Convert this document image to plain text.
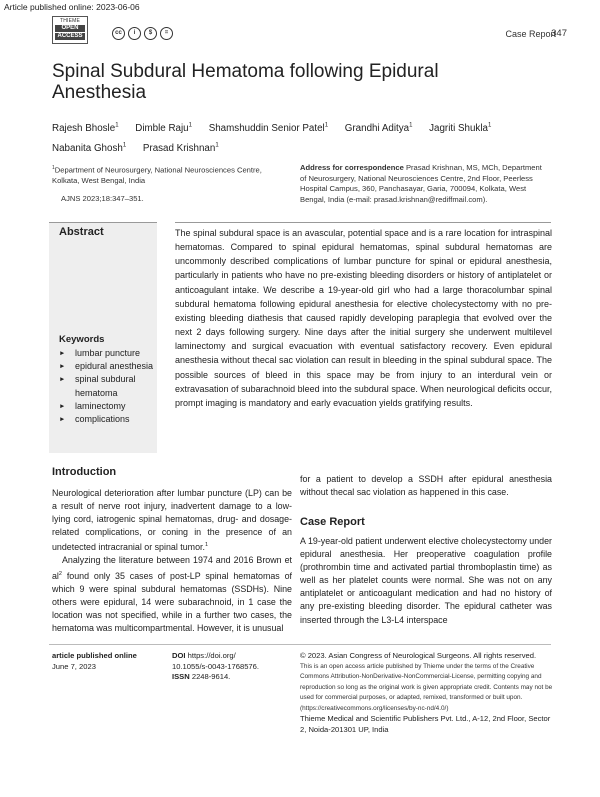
Article published online: 2023-06-06
THIEME
OPEN
ACCESS	cc	i	$	=	Case Report
347
Spinal Subdural Hematoma following Epidural Anesthesia
Rajesh Bhosle$^1$ Dimble Raju$^1$ Shamshuddin Senior Patel$^1$ Grandhi Aditya$^1$ Jagriti Shukla$^1$
Nabanita Ghosh$^1$ Prasad Krishnan$^1$
$^1$Department of Neurosurgery, National Neurosciences Centre, Kolkata, West Bengal, India
AJNS 2023;18:347–351.
Address for correspondence Prasad Krishnan, MS, MCh, Department of Neurosurgery, National Neurosciences Centre, 2nd Floor, Peerless Hospital Campus, 360, Panchasayar, Garia, 700094, Kolkata, West Bengal, India (e-mail: prasad.krishnan@rediffmail.com).
Abstract	The spinal subdural space is an avascular, potential space and is a rare location for intraspinal hematomas. Compared to spinal epidural hematomas, spinal subdural hematomas are uncommonly described complications of lumbar puncture for spinal or epidural anesthesia, particularly in patients who have no pre-existing bleeding disorders or history of antiplatelet or anticoagulant intake. We describe a 19-year-old girl who had a large thoracolumbar spinal subdural hematoma following epidural anesthesia for elective cholecystectomy with no pre-existing bleeding diathesis that caused rapidly developing paraplegia that evolved over the next 2 days following surgery. Nine days after the initial surgery she underwent multilevel laminectomy and surgical evacuation with eventual satisfactory recovery. Even epidural anesthesia without thecal sac violation can result in bleeding in the spinal subdural space. The possible sources of bleed in this space may be from injury to an interdural vein or extravasation of subarachnoid bleed into the subdural space. When neurological deficits occur, prompt imaging is mandatory and early evacuation yields gratifying results.
Keywords
► lumbar puncture
► epidural anesthesia
► spinal subdural hematoma
► laminectomy
► complications
Introduction

Neurological deterioration after lumbar puncture (LP) can be a result of nerve root injury, inadvertent damage to a low-lying cord, iatrogenic spinal hematomas, drug- and dosage-related complications, or coning in the presence of an undetected intracranial or spinal tumor.$^1$

Analyzing the literature between 1974 and 2016 Brown et $al^2$ found only 35 cases of post-LP spinal hematomas of which 9 were spinal subdural hematomas (SSDHs). Nine others were epidural, 14 were subarachnoid, in 1 case the location was not specified, while in a further two cases, the hematoma was multicompartmental. However, it is unusual

for a patient to develop a SSDH after epidural anesthesia without thecal sac violation as happened in this case.
Case Report
A 19-year-old patient underwent elective cholecystectomy under epidural anesthesia. Her preoperative coagulation profile (prothrombin time and activated partial thromboplastin time) as well as her platelet counts were normal. She was not on any antiplatelet or anticoagulant medication and had no history of any pre-existing bleeding disorder. The epidural catheter was inserted through the L3-L4 interspace
article published online
June 7, 2023
DOI https://doi.org/
10.1055/s-0043-1768576.
ISSN 2248-9614.
© 2023. Asian Congress of Neurological Surgeons. All rights reserved.
This is an open access article published by Thieme under the terms of the Creative Commons Attribution-NonDerivative-NonCommercial-License, permitting copying and reproduction so long as the original work is given appropriate credit. Contents may not be used for commercial purposes, or adapted, remixed, transformed or built upon. (https://creativecommons.org/licenses/by-nc-nd/4.0/)
Thieme Medical and Scientific Publishers Pvt. Ltd., A-12, 2nd Floor, Sector 2, Noida-201301 UP, India
